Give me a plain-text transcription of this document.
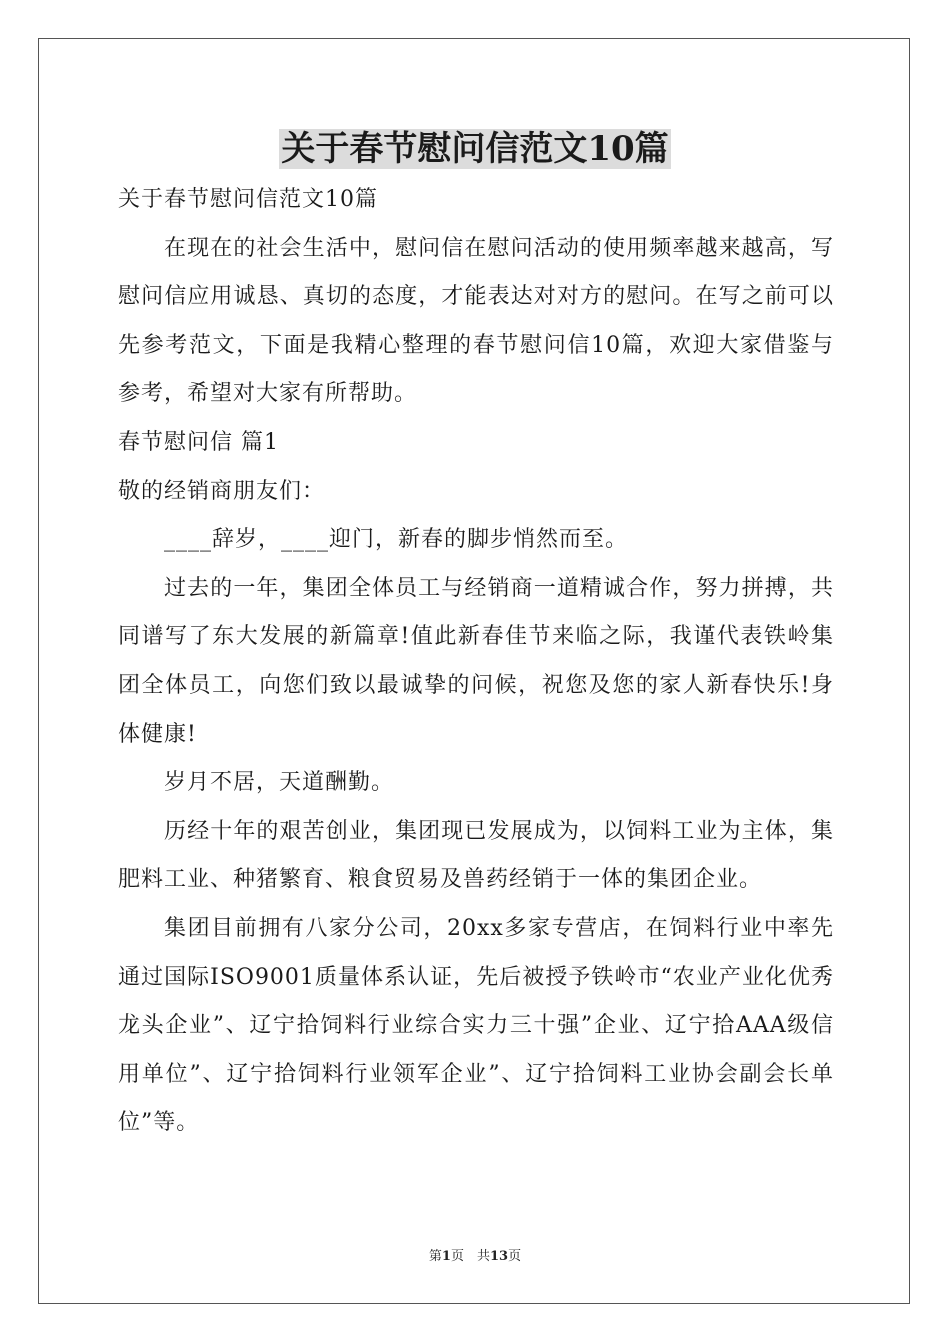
关于春节慰问信范文10篇

关于春节慰问信范文10篇

在现在的社会生活中，慰问信在慰问活动的使用频率越来越高，写慰问信应用诚恳、真切的态度，才能表达对对方的慰问。在写之前可以先参考范文，下面是我精心整理的春节慰问信10篇，欢迎大家借鉴与参考，希望对大家有所帮助。

春节慰问信 篇1

敬的经销商朋友们：

____辞岁，____迎门，新春的脚步悄然而至。

过去的一年，集团全体员工与经销商一道精诚合作，努力拼搏，共同谱写了东大发展的新篇章!值此新春佳节来临之际，我谨代表铁岭集团全体员工，向您们致以最诚挚的问候，祝您及您的家人新春快乐!身体健康!

岁月不居，天道酬勤。

历经十年的艰苦创业，集团现已发展成为，以饲料工业为主体，集肥料工业、种猪繁育、粮食贸易及兽药经销于一体的集团企业。

集团目前拥有八家分公司，20xx多家专营店，在饲料行业中率先通过国际ISO9001质量体系认证，先后被授予铁岭市“农业产业化优秀龙头企业”、辽宁拾饲料行业综合实力三十强”企业、辽宁拾AAA级信用单位”、辽宁拾饲料行业领军企业”、辽宁拾饲料工业协会副会长单位”等。

第1页　共13页
